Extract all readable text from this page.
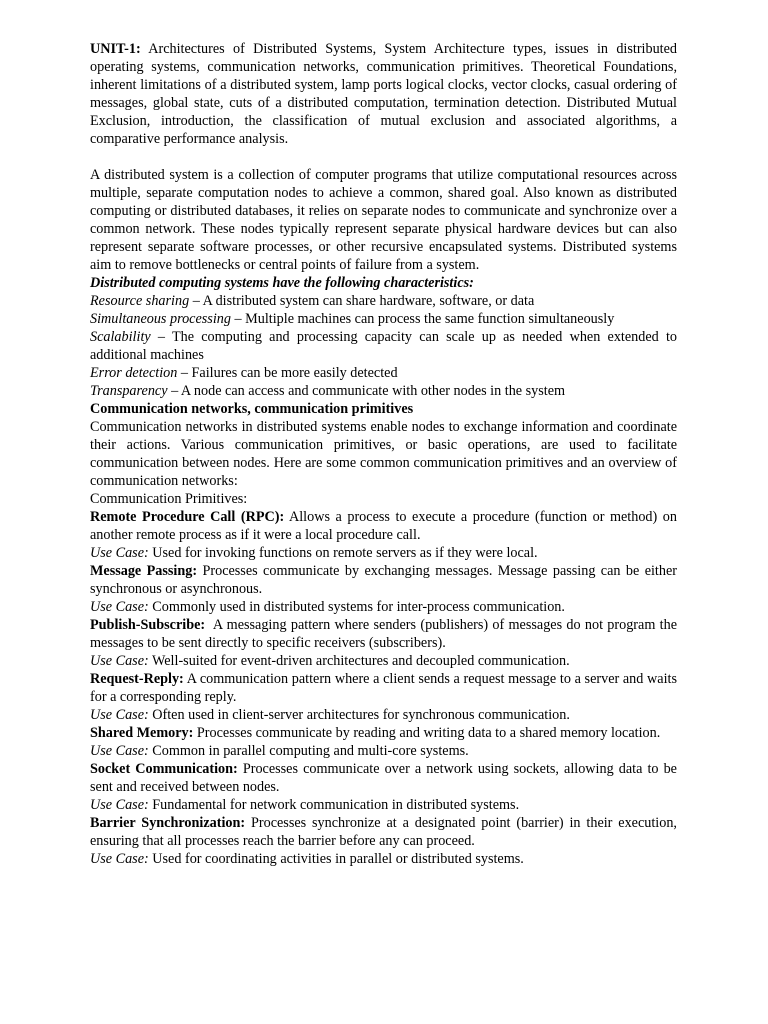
UNIT-1: Architectures of Distributed Systems, System Architecture types, issues in distributed operating systems, communication networks, communication primitives. Theoretical Foundations, inherent limitations of a distributed system, lamp ports logical clocks, vector clocks, casual ordering of messages, global state, cuts of a distributed computation, termination detection. Distributed Mutual Exclusion, introduction, the classification of mutual exclusion and associated algorithms, a comparative performance analysis.

A distributed system is a collection of computer programs that utilize computational resources across multiple, separate computation nodes to achieve a common, shared goal. Also known as distributed computing or distributed databases, it relies on separate nodes to communicate and synchronize over a common network. These nodes typically represent separate physical hardware devices but can also represent separate software processes, or other recursive encapsulated systems. Distributed systems aim to remove bottlenecks or central points of failure from a system.

Distributed computing systems have the following characteristics:

Resource sharing – A distributed system can share hardware, software, or data

Simultaneous processing – Multiple machines can process the same function simultaneously

Scalability – The computing and processing capacity can scale up as needed when extended to additional machines

Error detection – Failures can be more easily detected

Transparency – A node can access and communicate with other nodes in the system

Communication networks, communication primitives

Communication networks in distributed systems enable nodes to exchange information and coordinate their actions. Various communication primitives, or basic operations, are used to facilitate communication between nodes. Here are some common communication primitives and an overview of communication networks:

Communication Primitives:

Remote Procedure Call (RPC): Allows a process to execute a procedure (function or method) on another remote process as if it were a local procedure call.

Use Case: Used for invoking functions on remote servers as if they were local.

Message Passing: Processes communicate by exchanging messages. Message passing can be either synchronous or asynchronous.

Use Case: Commonly used in distributed systems for inter-process communication.

Publish-Subscribe:  A messaging pattern where senders (publishers) of messages do not program the messages to be sent directly to specific receivers (subscribers).

Use Case: Well-suited for event-driven architectures and decoupled communication.

Request-Reply: A communication pattern where a client sends a request message to a server and waits for a corresponding reply.

Use Case: Often used in client-server architectures for synchronous communication.

Shared Memory: Processes communicate by reading and writing data to a shared memory location.

Use Case: Common in parallel computing and multi-core systems.

Socket Communication: Processes communicate over a network using sockets, allowing data to be sent and received between nodes.

Use Case: Fundamental for network communication in distributed systems.

Barrier Synchronization: Processes synchronize at a designated point (barrier) in their execution, ensuring that all processes reach the barrier before any can proceed.

Use Case: Used for coordinating activities in parallel or distributed systems.
